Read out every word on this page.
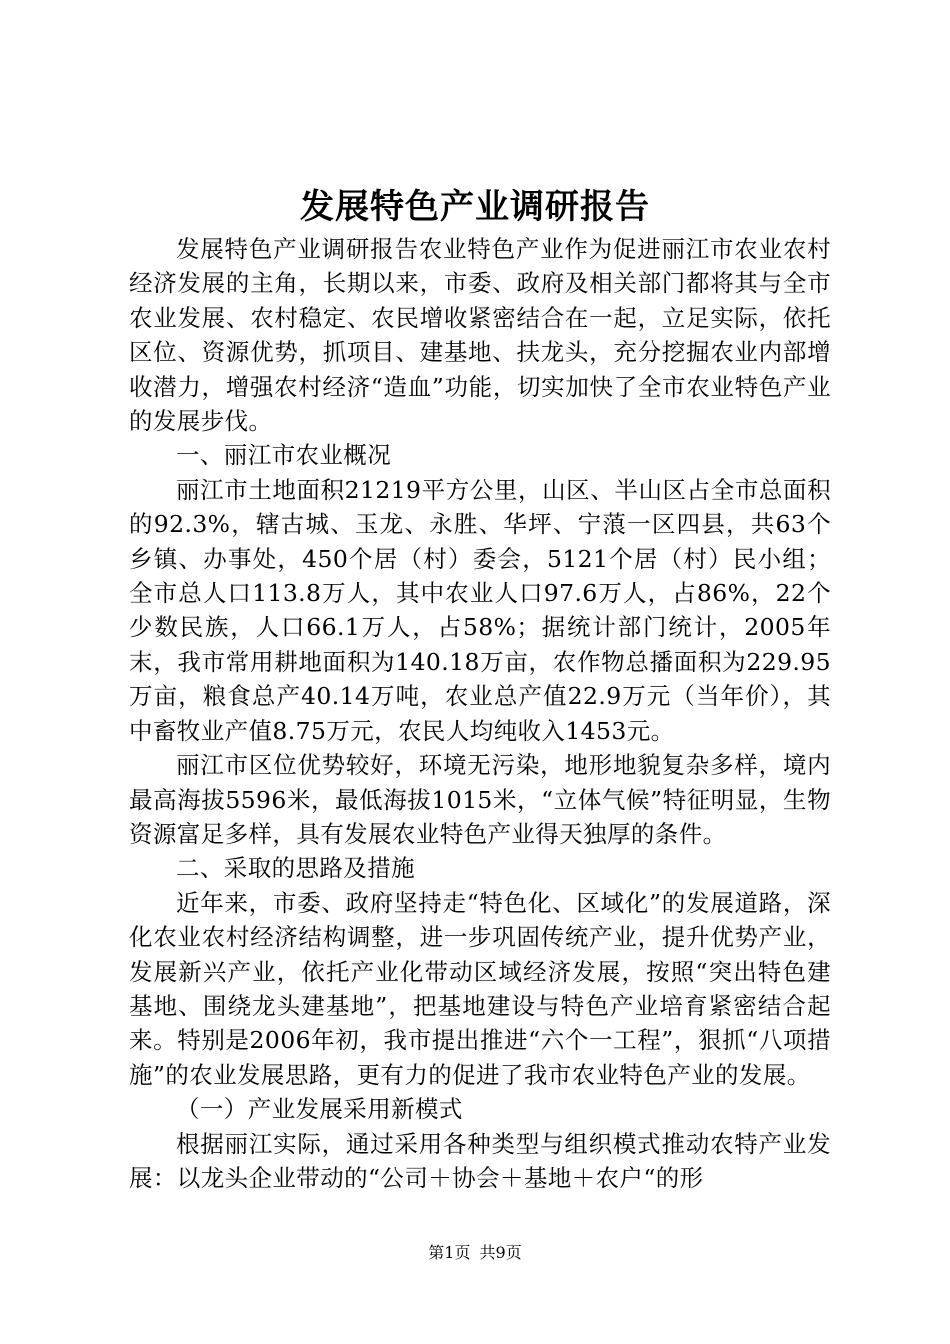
发展特色产业调研报告

发展特色产业调研报告农业特色产业作为促进丽江市农业农村经济发展的主角，长期以来，市委、政府及相关部门都将其与全市农业发展、农村稳定、农民增收紧密结合在一起，立足实际，依托区位、资源优势，抓项目、建基地、扶龙头，充分挖掘农业内部增收潜力，增强农村经济“造血”功能，切实加快了全市农业特色产业的发展步伐。

一、丽江市农业概况

丽江市土地面积21219平方公里，山区、半山区占全市总面积的92.3%，辖古城、玉龙、永胜、华坪、宁蒗一区四县，共63个乡镇、办事处，450个居（村）委会，5121个居（村）民小组；全市总人口113.8万人，其中农业人口97.6万人，占86%，22个少数民族，人口66.1万人，占58%；据统计部门统计，2005年末，我市常用耕地面积为140.18万亩，农作物总播面积为229.95万亩，粮食总产40.14万吨，农业总产值22.9万元（当年价），其中畜牧业产值8.75万元，农民人均纯收入1453元。

丽江市区位优势较好，环境无污染，地形地貌复杂多样，境内最高海拔5596米，最低海拔1015米，“立体气候”特征明显，生物资源富足多样，具有发展农业特色产业得天独厚的条件。

二、采取的思路及措施

近年来，市委、政府坚持走“特色化、区域化”的发展道路，深化农业农村经济结构调整，进一步巩固传统产业，提升优势产业，发展新兴产业，依托产业化带动区域经济发展，按照“突出特色建基地、围绕龙头建基地”，把基地建设与特色产业培育紧密结合起来。特别是2006年初，我市提出推进“六个一工程”，狠抓“八项措施”的农业发展思路，更有力的促进了我市农业特色产业的发展。

（一）产业发展采用新模式

根据丽江实际，通过采用各种类型与组织模式推动农特产业发展：以龙头企业带动的“公司＋协会＋基地＋农户“的形

第1页 共9页
